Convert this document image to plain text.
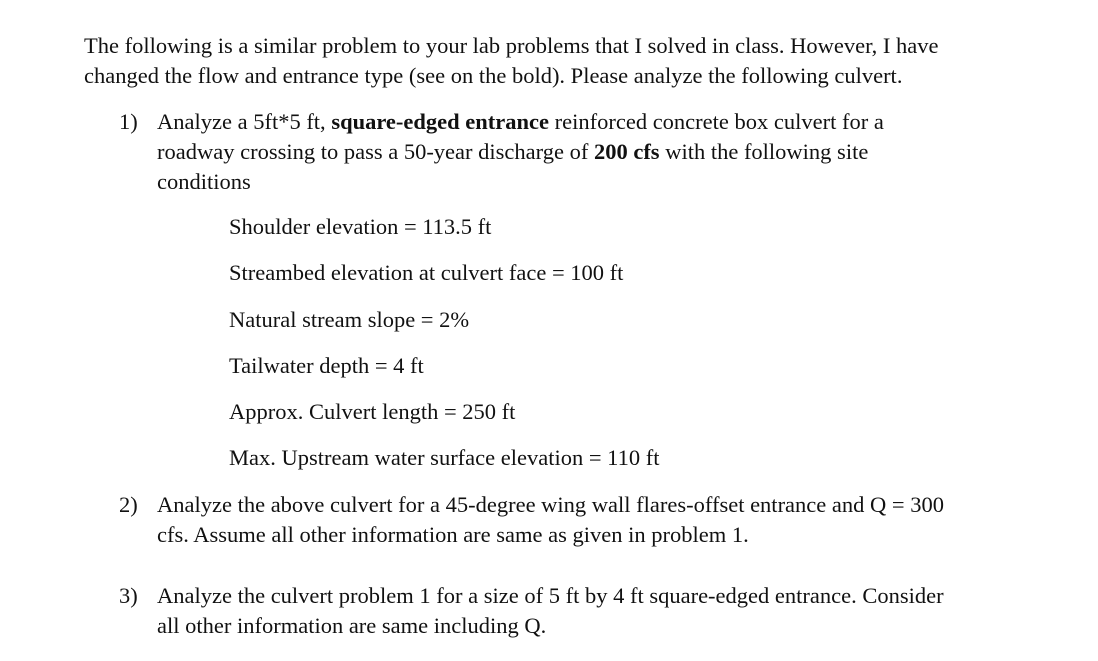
The following is a similar problem to your lab problems that I solved in class. However, I have
changed the flow and entrance type (see on the bold). Please analyze the following culvert.
1) Analyze a 5ft*5 ft, square-edged entrance reinforced concrete box culvert for a
roadway crossing to pass a 50-year discharge of 200 cfs with the following site
conditions
Shoulder elevation = 113.5 ft
Streambed elevation at culvert face = 100 ft
Natural stream slope = 2%
Tailwater depth = 4 ft
Approx. Culvert length = 250 ft
Max. Upstream water surface elevation = 110 ft
2) Analyze the above culvert for a 45-degree wing wall flares-offset entrance and Q = 300
cfs. Assume all other information are same as given in problem 1.
3) Analyze the culvert problem 1 for a size of 5 ft by 4 ft square-edged entrance. Consider
all other information are same including Q.
